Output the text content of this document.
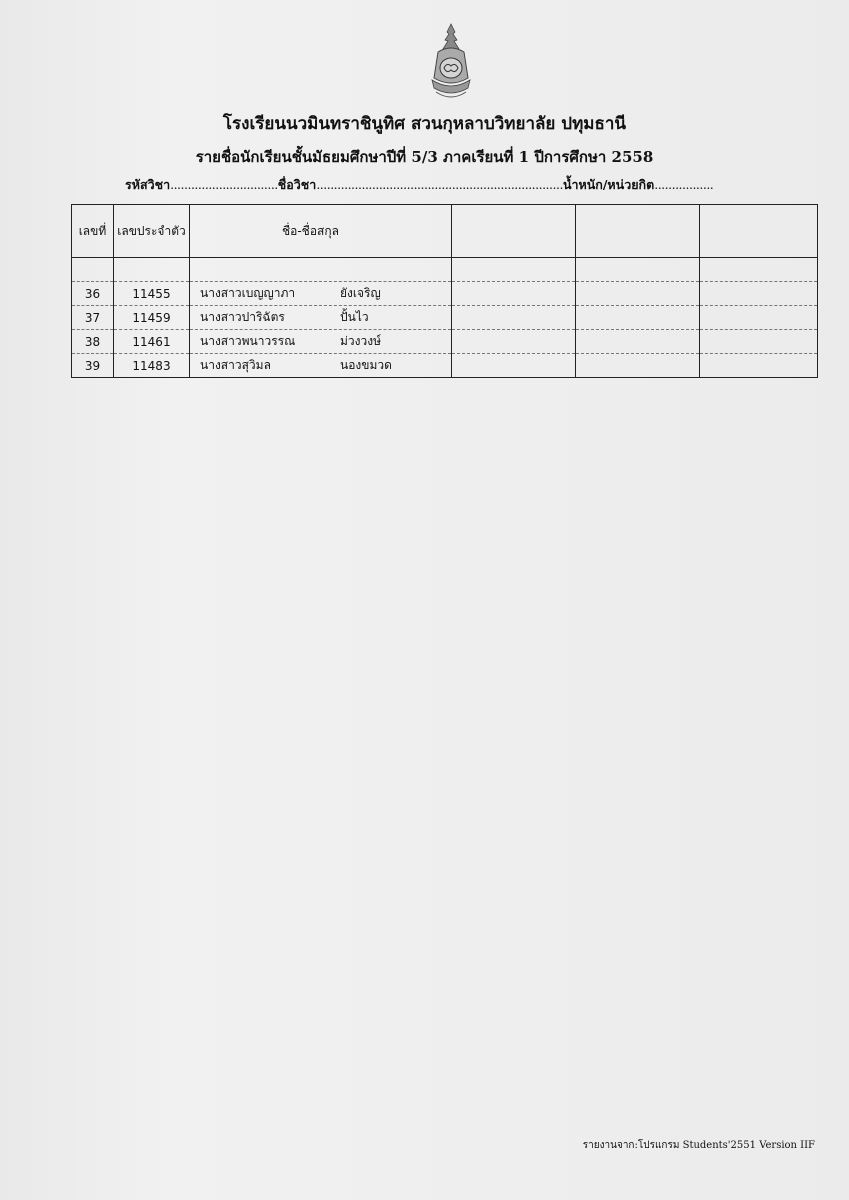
โรงเรียนนวมินทราชินูทิศ สวนกุหลาบวิทยาลัย ปทุมธานี
รายชื่อนักเรียนชั้นมัธยมศึกษาปีที่ 5/3 ภาคเรียนที่ 1 ปีการศึกษา 2558
รหัสวิชา...............................ชื่อวิชา.......................................................................น้ำหนัก/หน่วยกิต.................
เลขที่	เลขประจำตัว	ชื่อ-ชื่อสกุล			

36	11455	นางสาวเบญญาภา ยังเจริญ			
37	11459	นางสาวปาริฉัตร ปั้นไว			
38	11461	นางสาวพนาวรรณ ม่วงวงษ์			
39	11483	นางสาวสุวิมล นองขมวด			
รายงานจาก:โปรแกรม Students'2551 Version IIF
